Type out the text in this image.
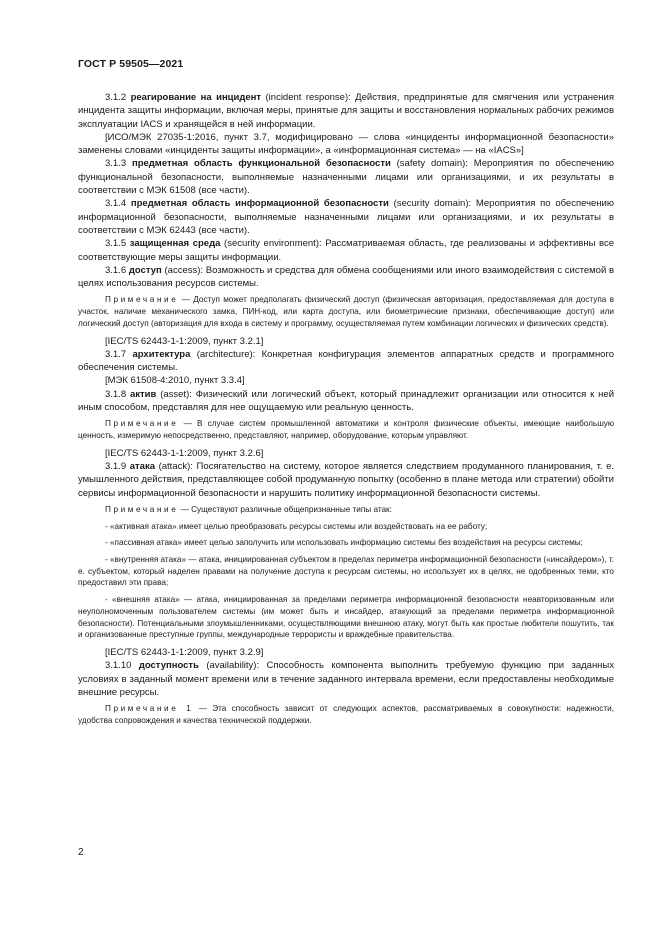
ГОСТ Р 59505—2021

3.1.2 реагирование на инцидент (incident response): Действия, предпринятые для смягчения или устранения инцидента защиты информации, включая меры, принятые для защиты и восстановления нормальных рабочих режимов эксплуатации IACS и хранящейся в ней информации.

[ИСО/МЭК 27035-1:2016, пункт 3.7, модифицировано — слова «инциденты информационной безопасности» заменены словами «инциденты защиты информации», а «информационная система» — на «IACS»]

3.1.3 предметная область функциональной безопасности (safety domain): Мероприятия по обеспечению функциональной безопасности, выполняемые назначенными лицами или организациями, и их результаты в соответствии с МЭК 61508 (все части).

3.1.4 предметная область информационной безопасности (security domain): Мероприятия по обеспечению информационной безопасности, выполняемые назначенными лицами или организациями, и их результаты в соответствии с МЭК 62443 (все части).

3.1.5 защищенная среда (security environment): Рассматриваемая область, где реализованы и эффективны все соответствующие меры защиты информации.

3.1.6 доступ (access): Возможность и средства для обмена сообщениями или иного взаимодействия с системой в целях использования ресурсов системы.

Примечание — Доступ может предполагать физический доступ (физическая авторизация, предоставляемая для доступа в участок, наличие механического замка, ПИН-код, или карта доступа, или биометрические признаки, обеспечивающие доступ) или логический доступ (авторизация для входа в систему и программу, осуществляемая путем комбинации логических и физических средств).

[IEC/TS 62443-1-1:2009, пункт 3.2.1]

3.1.7 архитектура (architecture): Конкретная конфигурация элементов аппаратных средств и программного обеспечения системы.

[МЭК 61508-4:2010, пункт 3.3.4]

3.1.8 актив (asset): Физический или логический объект, который принадлежит организации или относится к ней иным способом, представляя для нее ощущаемую или реальную ценность.

Примечание — В случае систем промышленной автоматики и контроля физические объекты, имеющие наибольшую ценность, измеримую непосредственно, представляют, например, оборудование, которым управляют.

[IEC/TS 62443-1-1:2009, пункт 3.2.6]

3.1.9 атака (attack): Посягательство на систему, которое является следствием продуманного планирования, т. е. умышленного действия, представляющее собой продуманную попытку (особенно в плане метода или стратегии) обойти сервисы информационной безопасности и нарушить политику информационной безопасности системы.

Примечание — Существуют различные общепризнанные типы атак:

- «активная атака» имеет целью преобразовать ресурсы системы или воздействовать на ее работу;

- «пассивная атака» имеет целью заполучить или использовать информацию системы без воздействия на ресурсы системы;

- «внутренняя атака» — атака, инициированная субъектом в пределах периметра информационной безопасности («инсайдером»), т. е. субъектом, который наделен правами на получение доступа к ресурсам системы, но использует их в целях, не одобренных теми, кто предоставил эти права;

- «внешняя атака» — атака, инициированная за пределами периметра информационной безопасности неавторизованным или неуполномоченным пользователем системы (им может быть и инсайдер, атакующий за пределами периметра информационной безопасности). Потенциальными злоумышленниками, осуществляющими внешнюю атаку, могут быть как простые любители пошутить, так и организованные преступные группы, международные террористы и враждебные правительства.

[IEC/TS 62443-1-1:2009, пункт 3.2.9]

3.1.10 доступность (availability): Способность компонента выполнить требуемую функцию при заданных условиях в заданный момент времени или в течение заданного интервала времени, если предоставлены необходимые внешние ресурсы.

Примечание 1 — Эта способность зависит от следующих аспектов, рассматриваемых в совокупности: надежности, удобства сопровождения и качества технической поддержки.

2
